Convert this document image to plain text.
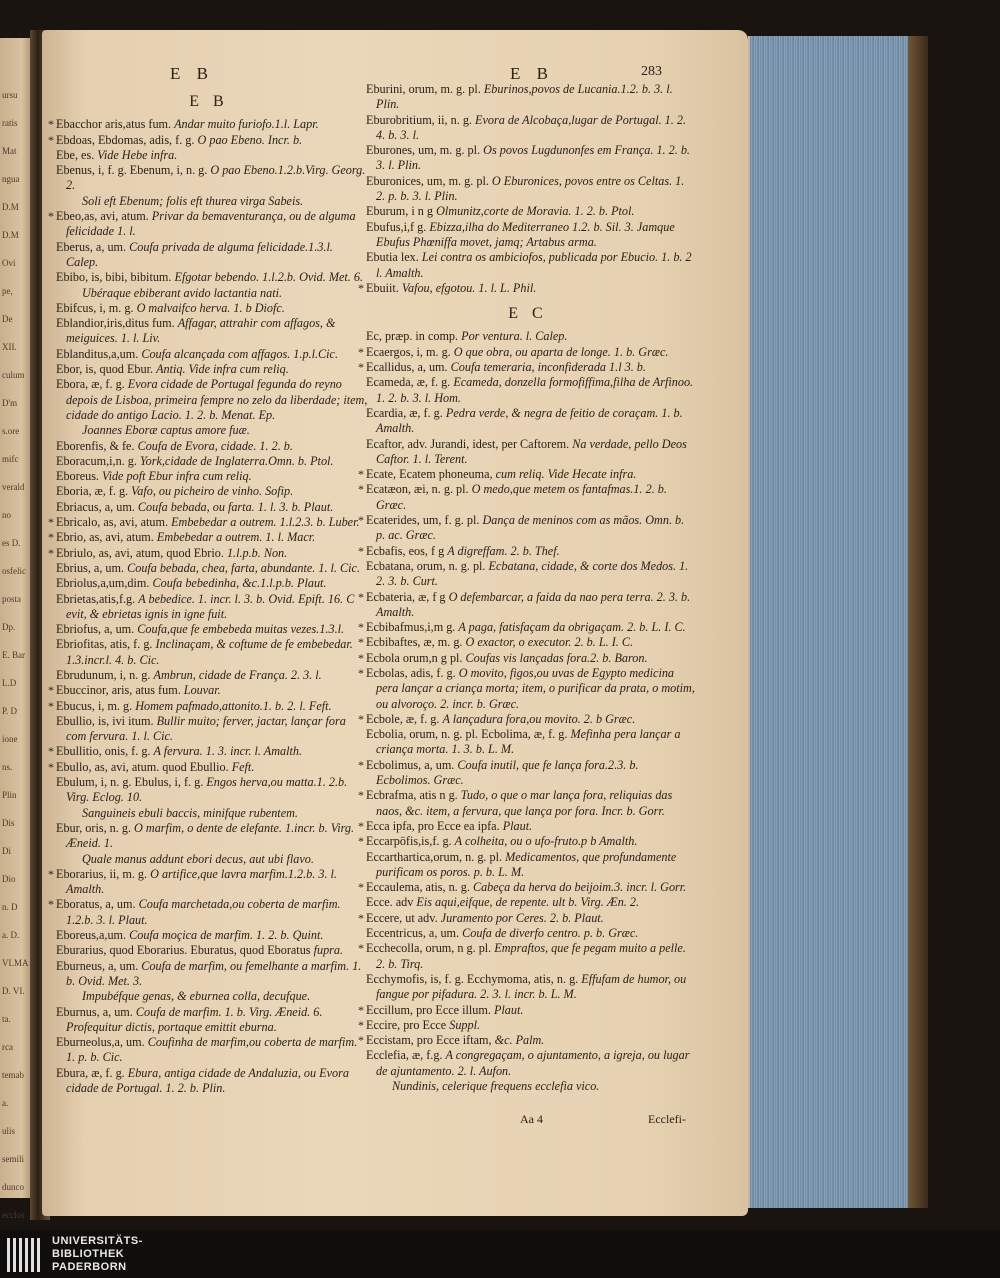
ursu
ratis
Mat
ngua
D.M
D.M
Ovi
pe,
De
XII.
culum
D'm
s.ore
mifc
verald
no
es D.
osfelic
posta
Dp.
E. Bar
L.D
P. D
ione
ns.
Plin
Dis
Di
Dio
n. D
a. D.
VLMA
D. VI.
ta.
rca
temab
a.
ulis
semili
dunco
ecclos
E B	E B	283
E B

* Ebacchor aris,atus fum. Andar muito furiofo.1.l. Lapr.

* Ebdoas, Ebdomas, adis, f. g. O pao Ebeno. Incr. b.

Ebe, es. Vide Hebe infra.

Ebenus, i, f. g. Ebenum, i, n. g. O pao Ebeno.1.2.b.Virg. Georg. 2.

Soli eft Ebenum; folis eft thurea virga Sabeis.

* Ebeo,as, avi, atum. Privar da bemaventurança, ou de alguma felicidade 1. l.

Eberus, a, um. Coufa privada de alguma felicidade.1.3.l. Calep.

Ebibo, is, bibi, bibitum. Efgotar bebendo. 1.l.2.b. Ovid. Met. 6.

Ubéraque ebiberant avido lactantia nati.

Ebifcus, i, m. g. O malvaifco herva. 1. b Diofc.

Eblandior,iris,ditus fum. Affagar, attrahir com affagos, & meiguices. 1. l. Liv.

Eblanditus,a,um. Coufa alcançada com affagos. 1.p.l.Cic.

Ebor, is, quod Ebur. Antiq. Vide infra cum reliq.

Ebora, æ, f. g. Evora cidade de Portugal fegunda do reyno depois de Lisboa, primeira fempre no zelo da liberdade; item, cidade do antigo Lacio. 1. 2. b. Menat. Ep.

Joannes Eboræ captus amore fuæ.

Eborenfis, & fe. Coufa de Evora, cidade. 1. 2. b.

Eboracum,i,n. g. York,cidade de Inglaterra.Omn. b. Ptol.

Eboreus. Vide poft Ebur infra cum reliq.

Eboria, æ, f. g. Vafo, ou picheiro de vinho. Sofip.

Ebriacus, a, um. Coufa bebada, ou farta. 1. l. 3. b. Plaut.

* Ebricalo, as, avi, atum. Embebedar a outrem. 1.l.2.3. b. Luber.

* Ebrio, as, avi, atum. Embebedar a outrem. 1. l. Macr.

* Ebriulo, as, avi, atum, quod Ebrio. 1.l.p.b. Non.

Ebrius, a, um. Coufa bebada, chea, farta, abundante. 1. l. Cic.

Ebriolus,a,um,dim. Coufa bebedinha, &c.1.l.p.b. Plaut.

Ebrietas,atis,f.g. A bebedice. 1. incr. l. 3. b. Ovid. Epift. 16. C evit, & ebrietas ignis in igne fuit.

Ebriofus, a, um. Coufa,que fe embebeda muitas vezes.1.3.l.

Ebriofitas, atis, f. g. Inclinaçam, & coftume de fe embebedar. 1.3.incr.l. 4. b. Cic.

Ebrudunum, i, n. g. Ambrun, cidade de França. 2. 3. l.

* Ebuccinor, aris, atus fum. Louvar.

* Ebucus, i, m. g. Homem pafmado,attonito.1. b. 2. l. Feft.

Ebullio, is, ivi itum. Bullir muito; ferver, jactar, lançar fora com fervura. 1. l. Cic.

* Ebullitio, onis, f. g. A fervura. 1. 3. incr. l. Amalth.

* Ebullo, as, avi, atum. quod Ebullio. Feft.

Ebulum, i, n. g. Ebulus, i, f. g. Engos herva,ou matta.1. 2.b. Virg. Eclog. 10.

Sanguineis ebuli baccis, minifque rubentem.

Ebur, oris, n. g. O marfim, o dente de elefante. 1.incr. b. Virg. Æneid. 1.

Quale manus addunt ebori decus, aut ubi flavo.

* Eborarius, ii, m. g. O artifice,que lavra marfim.1.2.b. 3. l. Amalth.

* Eboratus, a, um. Coufa marchetada,ou coberta de marfim. 1.2.b. 3. l. Plaut.

Eboreus,a,um. Coufa moçica de marfim. 1. 2. b. Quint.

Eburarius, quod Eborarius. Eburatus, quod Eboratus fupra.

Eburneus, a, um. Coufa de marfim, ou femelhante a marfim. 1. b. Ovid. Met. 3.

Impubéfque genas, & eburnea colla, decufque.

Eburnus, a, um. Coufa de marfim. 1. b. Virg. Æneid. 6. Profequitur dictis, portaque emittit eburna.

Eburneolus,a, um. Coufinha de marfim,ou coberta de marfim. 1. p. b. Cic.

Ebura, æ, f. g. Ebura, antiga cidade de Andaluzia, ou Evora cidade de Portugal. 1. 2. b. Plin.

Eburini, orum, m. g. pl. Eburinos,povos de Lucania.1.2. b. 3. l. Plin.

Eburobritium, ii, n. g. Evora de Alcobaça,lugar de Portugal. 1. 2. 4. b. 3. l.

Eburones, um, m. g. pl. Os povos Lugdunonfes em França. 1. 2. b. 3. l. Plin.

Eburonices, um, m. g. pl. O Eburonices, povos entre os Celtas. 1. 2. p. b. 3. l. Plin.

Eburum, i n g Olmunitz,corte de Moravia. 1. 2. b. Ptol.

Ebufus,i,f g. Ebizza,ilha do Mediterraneo 1.2. b. Sil. 3. Jamque Ebufus Phœniffa movet, jamq; Artabus arma.

Ebutia lex. Lei contra os ambiciofos, publicada por Ebucio. 1. b. 2 l. Amalth.

* Ebuiit. Vafou, efgotou. 1. l. L. Phil.

E C

Ec, præp. in comp. Por ventura. l. Calep.

* Ecaergos, i, m. g. O que obra, ou aparta de longe. 1. b. Græc.

* Ecallidus, a, um. Coufa temeraria, inconfiderada 1.l 3. b.

Ecameda, æ, f. g. Ecameda, donzella formofiffima,filha de Arfinoo. 1. 2. b. 3. l. Hom.

Ecardia, æ, f. g. Pedra verde, & negra de feitio de coraçam. 1. b. Amalth.

Ecaftor, adv. Jurandi, idest, per Caftorem. Na verdade, pello Deos Caftor. 1. l. Terent.

* Ecate, Ecatem phoneuma, cum reliq. Vide Hecate infra.

* Ecatæon, æi, n. g. pl. O medo,que metem os fantafmas.1. 2. b. Græc.

* Ecaterides, um, f. g. pl. Dança de meninos com as mãos. Omn. b. p. ac. Græc.

* Ecbafis, eos, f g A digreffam. 2. b. Thef.

Ecbatana, orum, n. g. pl. Ecbatana, cidade, & corte dos Medos. 1. 2. 3. b. Curt.

* Ecbateria, æ, f g O defembarcar, a faida da nao pera terra. 2. 3. b. Amalth.

* Ecbibafmus,i,m g. A paga, fatisfaçam da obrigaçam. 2. b. L. I. C.

* Ecbibaftes, æ, m. g. O exactor, o executor. 2. b. L. I. C.

* Ecbola orum,n g pl. Coufas vis lançadas fora.2. b. Baron.

* Ecbolas, adis, f. g. O movito, figos,ou uvas de Egypto medicina pera lançar a criança morta; item, o purificar da prata, o motim, ou alvoroço. 2. incr. b. Græc.

* Ecbole, æ, f. g. A lançadura fora,ou movito. 2. b Græc.

Ecbolia, orum, n. g. pl. Ecbolima, æ, f. g. Mefinha pera lançar a criança morta. 1. 3. b. L. M.

* Ecbolimus, a, um. Coufa inutil, que fe lança fora.2.3. b. Ecbolimos. Græc.

* Ecbrafma, atis n g. Tudo, o que o mar lança fora, reliquias das naos, &c. item, a fervura, que lança por fora. Incr. b. Gorr.

* Ecca ipfa, pro Ecce ea ipfa. Plaut.

* Eccarpöfis,is,f. g. A colheita, ou o ufo-fruto.p b Amalth.

Eccarthartica,orum, n. g. pl. Medicamentos, que profundamente purificam os poros. p. b. L. M.

* Eccaulema, atis, n. g. Cabeça da herva do beijoim.3. incr. l. Gorr.

Ecce. adv Eis aqui,eifque, de repente. ult b. Virg. Æn. 2.

* Eccere, ut adv. Juramento por Ceres. 2. b. Plaut.

Eccentricus, a, um. Coufa de diverfo centro. p. b. Græc.

* Ecchecolla, orum, n g. pl. Empraftos, que fe pegam muito a pelle. 2. b. Tirq.

Ecchymofis, is, f. g. Ecchymoma, atis, n. g. Effufam de humor, ou fangue por pifadura. 2. 3. l. incr. b. L. M.

* Eccillum, pro Ecce illum. Plaut.

* Eccire, pro Ecce Suppl.

* Eccistam, pro Ecce iftam, &c. Palm.

Ecclefia, æ, f.g. A congregaçam, o ajuntamento, a igreja, ou lugar de ajuntamento. 2. l. Aufon.

Nundinis, celerique frequens ecclefia vico.

Aa 4	Ecclefi-
UNIVERSITÄTS-
BIBLIOTHEK
PADERBORN
